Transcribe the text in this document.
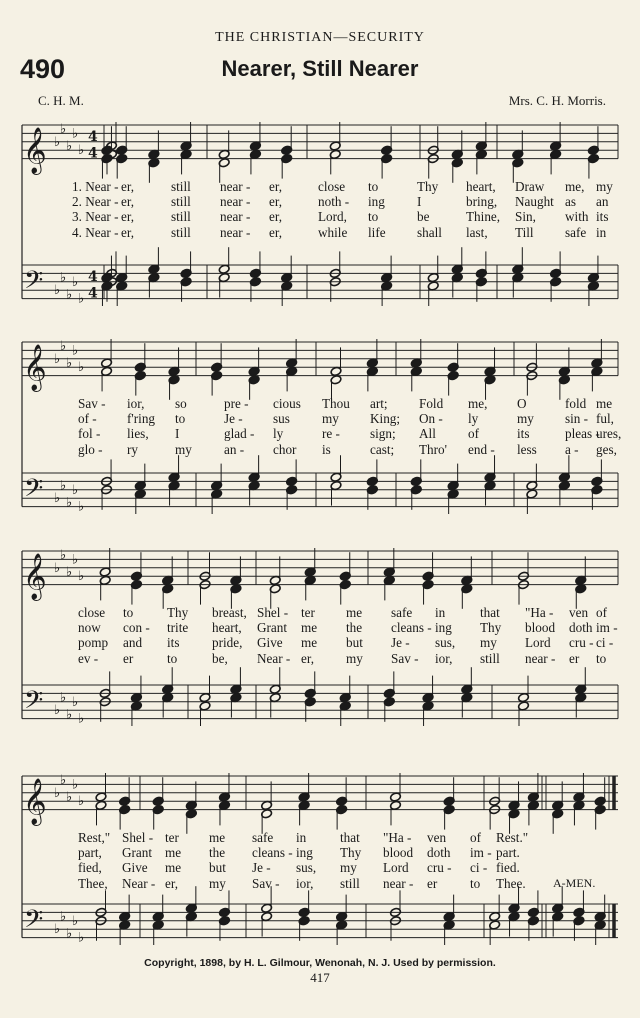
THE CHRISTIAN—SECURITY
490	Nearer, Still Nearer
C. H. M.	Mrs. C. H. Morris.
𝄞
𝄢
♭
♭
♭
♭
♭
♭
♭
♭
♭
♭
4
4
4
4
𝄞
𝄢
♭
♭
♭
♭
♭
♭
♭
♭
♭
♭
𝄞
𝄢
♭
♭
♭
♭
♭
♭
♭
♭
♭
♭
𝄞
𝄢
♭
♭
♭
♭
♭
♭
♭
♭
♭
♭
1. Near - er,	still near - er,	close to	Thy heart, Draw me, my
2. Near - er,	still near - er,	noth - ing I	bring, Naught as an
3. Near - er,	still near - er,	Lord, to	be	Thine, Sin, with its
4. Near - er,	still near - er,	while life shall last, Till safe in
Sav - ior, so	pre - cious Thou art; Fold me, O	fold me
of - f'ring to	Je - sus my King; On - ly	my sin - ful,
fol - lies, I	glad - ly	re - sign; All of	its	pleas -
ures,
glo - ry	my an - chor is	cast; Thro' end - less a - ges,
close to	Thy breast, Shel - ter me safe in	that "Ha - ven of
now con - trite heart, Grant me the cleans - ing Thy blood doth im -
pomp and its pride, Give me but Je - sus, my Lord cru - ci -
ev - er	to	be, Near - er, my Sav - ior, still near - er to
Rest," Shel - ter me safe in	that "Ha - ven of Rest."
part, Grant me the cleans - ing Thy blood doth im - part.
fied, Give me but Je - sus, my Lord cru - ci - fied.
Thee, Near - er, my Sav - ior, still near - er to Thee. A-MEN.
Copyright, 1898, by H. L. Gilmour, Wenonah, N. J. Used by permission.
417
